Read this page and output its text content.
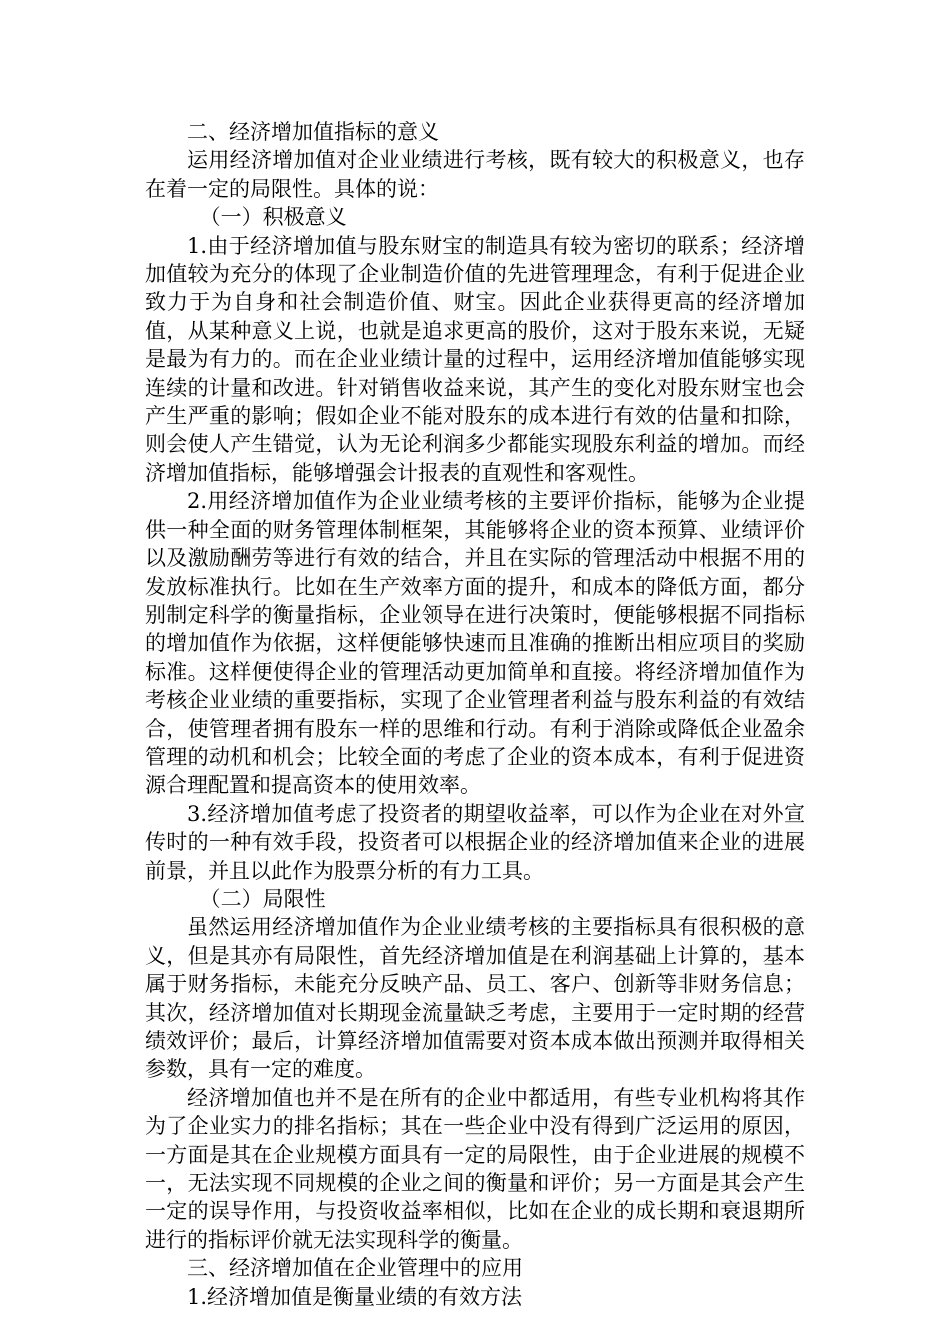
二、经济增加值指标的意义

运用经济增加值对企业业绩进行考核，既有较大的积极意义，也存在着一定的局限性。具体的说：

（一）积极意义

1.由于经济增加值与股东财宝的制造具有较为密切的联系；经济增加值较为充分的体现了企业制造价值的先进管理理念，有利于促进企业致力于为自身和社会制造价值、财宝。因此企业获得更高的经济增加值，从某种意义上说，也就是追求更高的股价，这对于股东来说，无疑是最为有力的。而在企业业绩计量的过程中，运用经济增加值能够实现连续的计量和改进。针对销售收益来说，其产生的变化对股东财宝也会产生严重的影响；假如企业不能对股东的成本进行有效的估量和扣除，则会使人产生错觉，认为无论利润多少都能实现股东利益的增加。而经济增加值指标，能够增强会计报表的直观性和客观性。

2.用经济增加值作为企业业绩考核的主要评价指标，能够为企业提供一种全面的财务管理体制框架，其能够将企业的资本预算、业绩评价以及激励酬劳等进行有效的结合，并且在实际的管理活动中根据不用的发放标准执行。比如在生产效率方面的提升，和成本的降低方面，都分别制定科学的衡量指标，企业领导在进行决策时，便能够根据不同指标的增加值作为依据，这样便能够快速而且准确的推断出相应项目的奖励标准。这样便使得企业的管理活动更加简单和直接。将经济增加值作为考核企业业绩的重要指标，实现了企业管理者利益与股东利益的有效结合，使管理者拥有股东一样的思维和行动。有利于消除或降低企业盈余管理的动机和机会；比较全面的考虑了企业的资本成本，有利于促进资源合理配置和提高资本的使用效率。

3.经济增加值考虑了投资者的期望收益率，可以作为企业在对外宣传时的一种有效手段，投资者可以根据企业的经济增加值来企业的进展前景，并且以此作为股票分析的有力工具。

（二）局限性

虽然运用经济增加值作为企业业绩考核的主要指标具有很积极的意义，但是其亦有局限性，首先经济增加值是在利润基础上计算的，基本属于财务指标，未能充分反映产品、员工、客户、创新等非财务信息；其次，经济增加值对长期现金流量缺乏考虑，主要用于一定时期的经营绩效评价；最后，计算经济增加值需要对资本成本做出预测并取得相关参数，具有一定的难度。

经济增加值也并不是在所有的企业中都适用，有些专业机构将其作为了企业实力的排名指标；其在一些企业中没有得到广泛运用的原因，一方面是其在企业规模方面具有一定的局限性，由于企业进展的规模不一，无法实现不同规模的企业之间的衡量和评价；另一方面是其会产生一定的误导作用，与投资收益率相似，比如在企业的成长期和衰退期所进行的指标评价就无法实现科学的衡量。

三、经济增加值在企业管理中的应用

1.经济增加值是衡量业绩的有效方法
